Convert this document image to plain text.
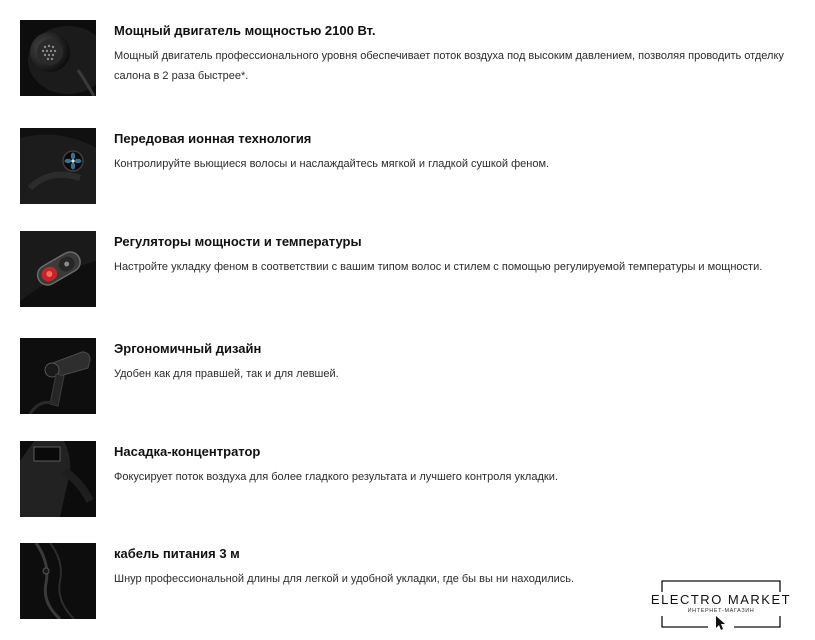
Мощный двигатель мощностью 2100 Вт.
Мощный двигатель профессионального уровня обеспечивает поток воздуха под высоким давлением, позволяя проводить отделку салона в 2 раза быстрее*.
Передовая ионная технология
Контролируйте вьющиеся волосы и наслаждайтесь мягкой и гладкой сушкой феном.
Регуляторы мощности и температуры
Настройте укладку феном в соответствии с вашим типом волос и стилем с помощью регулируемой температуры и мощности.
Эргономичный дизайн
Удобен как для правшей, так и для левшей.
Насадка-концентратор
Фокусирует поток воздуха для более гладкого результата и лучшего контроля укладки.
кабель питания 3 м
Шнур профессиональной длины для легкой и удобной укладки, где бы вы ни находились.
ELECTRO MARKET
ИНТЕРНЕТ-МАГАЗИН
